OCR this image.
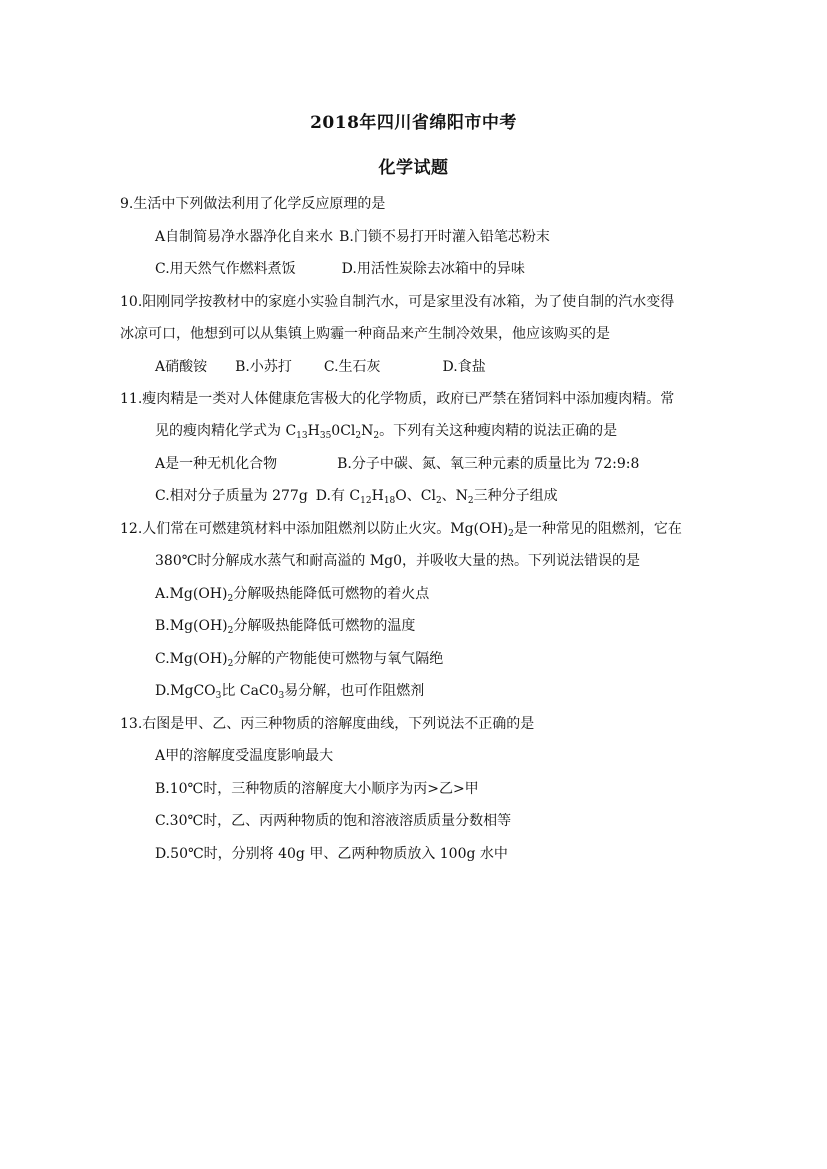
2018年四川省绵阳市中考
化学试题
9.生活中下列做法利用了化学反应原理的是
A自制简易净水器净化自来水 B.门锁不易打开时灌入铅笔芯粉末
C.用天然气作燃料煮饭	D.用活性炭除去冰箱中的异味
10.阳刚同学按教材中的家庭小实验自制汽水，可是家里没有冰箱，为了使自制的汽水变得
冰凉可口，他想到可以从集镇上购霾一种商品来产生制冷效果，他应该购买的是
A硝酸铵 B.小苏打 C.生石灰	D.食盐
11.瘦肉精是一类对人体健康危害极大的化学物质，政府已严禁在猪饲料中添加瘦肉精。常
见的瘦肉精化学式为 $C_{13}H_{35}0Cl_2N_2$。下列有关这种瘦肉精的说法正确的是
A是一种无机化合物	B.分子中碳、氮、氧三种元素的质量比为 72:9:8
C.相对分子质量为 277g D.有 $C_{12}H_{18}O$、$Cl_2$、$N_2$三种分子组成
12.人们常在可燃建筑材料中添加阻燃剂以防止火灾。$Mg(OH)_2$是一种常见的阻燃剂，它在
380℃时分解成水蒸气和耐高溢的 Mg0，并吸收大量的热。下列说法错误的是
$A.Mg(OH)_2$分解吸热能降低可燃物的着火点
$B.Mg(OH)_2$分解吸热能降低可燃物的温度
$C.Mg(OH)_2$分解的产物能使可燃物与氧气隔绝
D.MgCO$_3$比 $CaC0_3$易分解，也可作阻燃剂
13.右图是甲、乙、丙三种物质的溶解度曲线，下列说法不正确的是
A甲的溶解度受温度影响最大
B.10℃时，三种物质的溶解度大小顺序为丙>乙>甲
C.30℃时，乙、丙两种物质的饱和溶液溶质质量分数相等
D.50℃时，分别将 40g 甲、乙两种物质放入 100g 水中
